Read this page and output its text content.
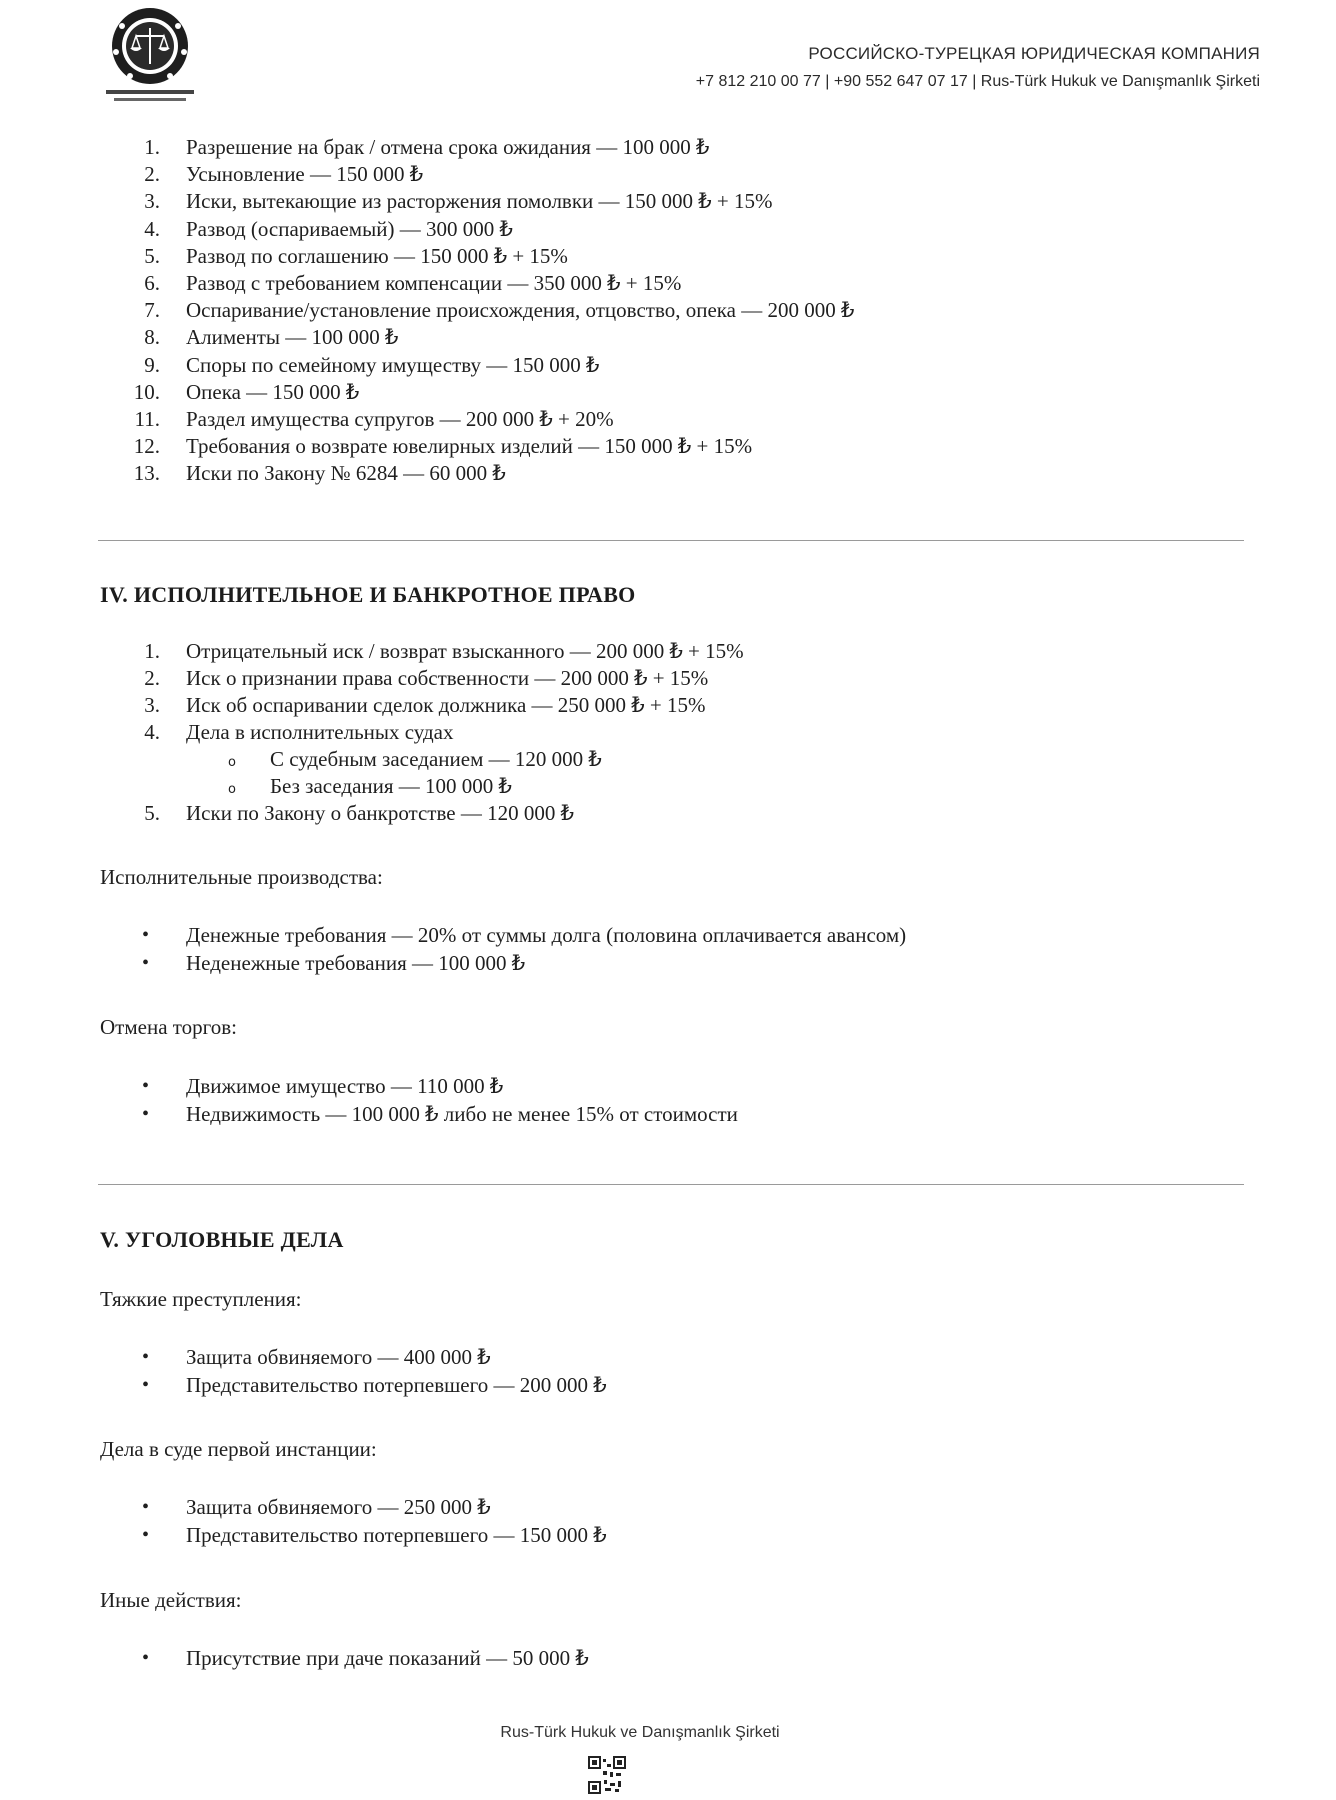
РОССИЙСКО-ТУРЕЦКАЯ ЮРИДИЧЕСКАЯ КОМПАНИЯ
+7 812 210 00 77 | +90 552 647 07 17 | Rus-Türk Hukuk ve Danışmanlık Şirketi
1. Разрешение на брак / отмена срока ожидания — 100 000 ₺
2. Усыновление — 150 000 ₺
3. Иски, вытекающие из расторжения помолвки — 150 000 ₺ + 15%
4. Развод (оспариваемый) — 300 000 ₺
5. Развод по соглашению — 150 000 ₺ + 15%
6. Развод с требованием компенсации — 350 000 ₺ + 15%
7. Оспаривание/установление происхождения, отцовство, опека — 200 000 ₺
8. Алименты — 100 000 ₺
9. Споры по семейному имуществу — 150 000 ₺
10. Опека — 150 000 ₺
11. Раздел имущества супругов — 200 000 ₺ + 20%
12. Требования о возврате ювелирных изделий — 150 000 ₺ + 15%
13. Иски по Закону № 6284 — 60 000 ₺
IV. ИСПОЛНИТЕЛЬНОЕ И БАНКРОТНОЕ ПРАВО
1. Отрицательный иск / возврат взысканного — 200 000 ₺ + 15%
2. Иск о признании права собственности — 200 000 ₺ + 15%
3. Иск об оспаривании сделок должника — 250 000 ₺ + 15%
4. Дела в исполнительных судах
5. Иски по Закону о банкротстве — 120 000 ₺
o С судебным заседанием — 120 000 ₺
o Без заседания — 100 000 ₺
Исполнительные производства:
• Денежные требования — 20% от суммы долга (половина оплачивается авансом)
• Неденежные требования — 100 000 ₺
Отмена торгов:
• Движимое имущество — 110 000 ₺
• Недвижимость — 100 000 ₺ либо не менее 15% от стоимости
V. УГОЛОВНЫЕ ДЕЛА
Тяжкие преступления:
• Защита обвиняемого — 400 000 ₺
• Представительство потерпевшего — 200 000 ₺
Дела в суде первой инстанции:
• Защита обвиняемого — 250 000 ₺
• Представительство потерпевшего — 150 000 ₺
Иные действия:
• Присутствие при даче показаний — 50 000 ₺
Rus-Türk Hukuk ve Danışmanlık Şirketi
